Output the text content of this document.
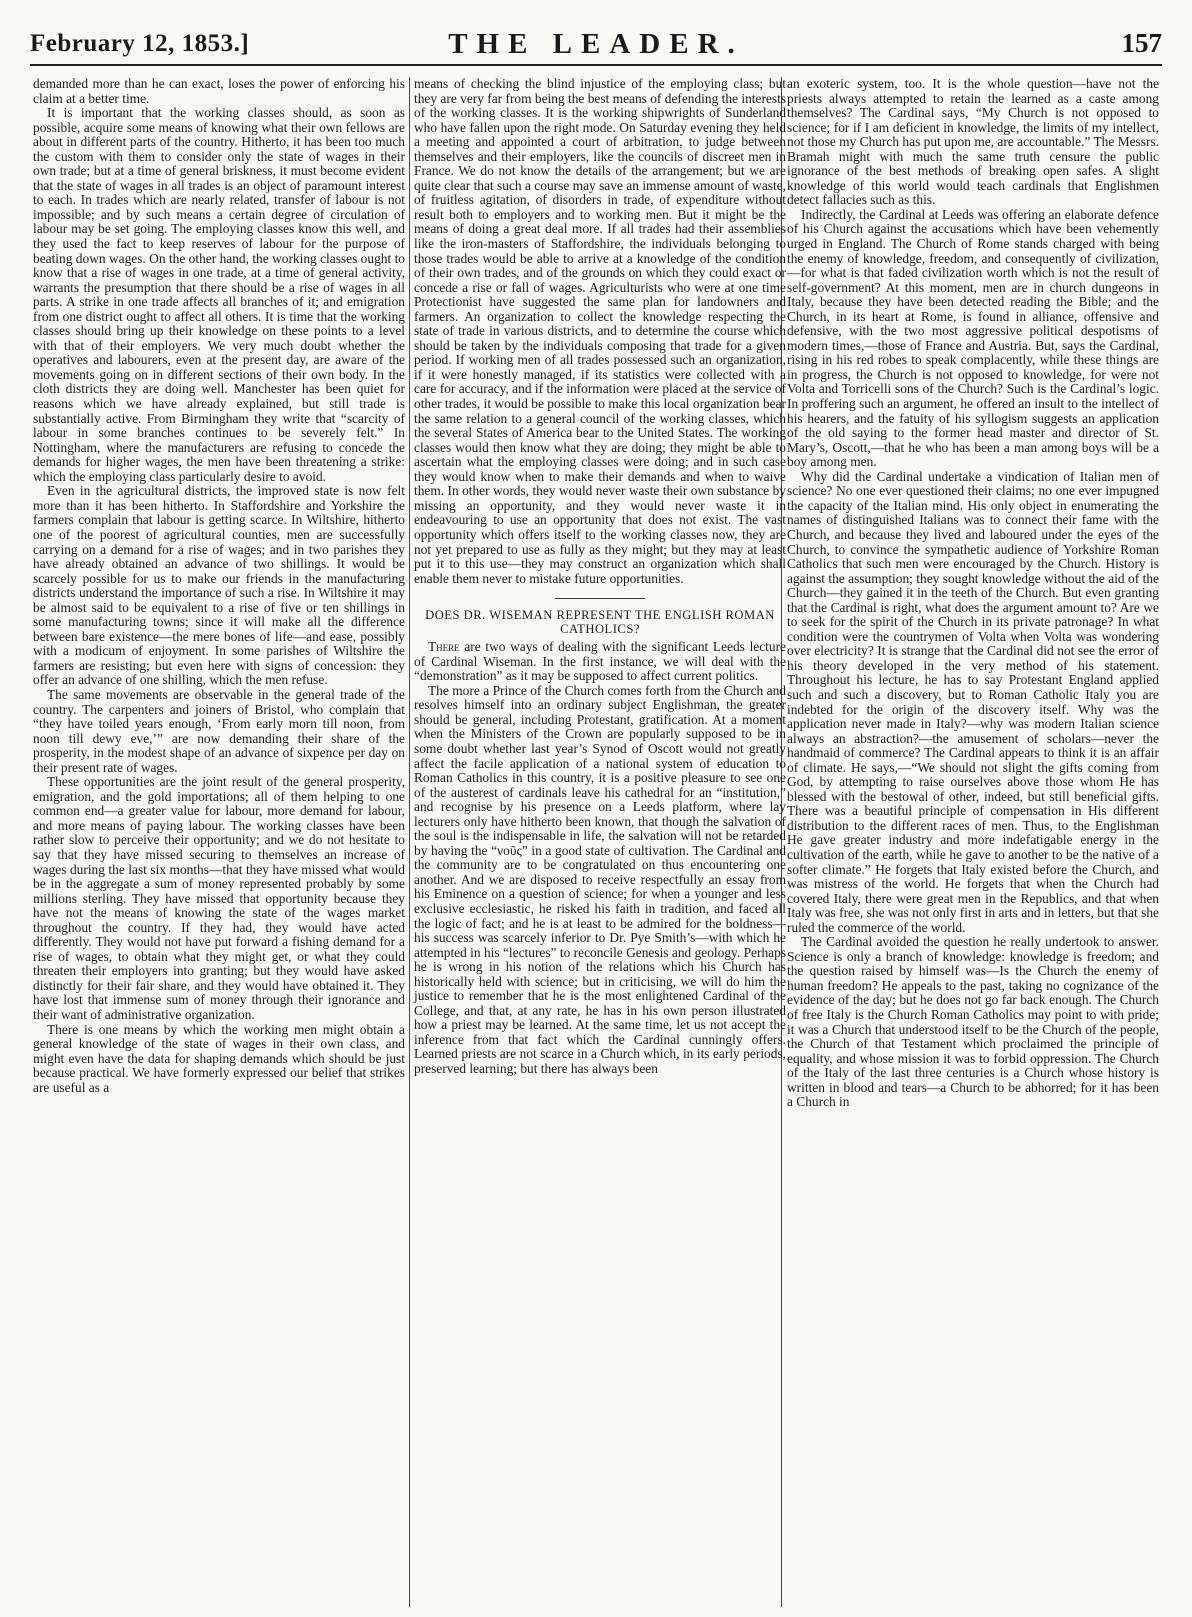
February 12, 1853.]	THE LEADER.	157

demanded more than he can exact, loses the power of enforcing his claim at a better time.

It is important that the working classes should, as soon as possible, acquire some means of knowing what their own fellows are about in different parts of the country. Hitherto, it has been too much the custom with them to consider only the state of wages in their own trade; but at a time of general briskness, it must become evident that the state of wages in all trades is an object of paramount interest to each. In trades which are nearly related, transfer of labour is not impossible; and by such means a certain degree of circulation of labour may be set going. The employing classes know this well, and they used the fact to keep reserves of labour for the purpose of beating down wages. On the other hand, the working classes ought to know that a rise of wages in one trade, at a time of general activity, warrants the presumption that there should be a rise of wages in all parts. A strike in one trade affects all branches of it; and emigration from one district ought to affect all others. It is time that the working classes should bring up their knowledge on these points to a level with that of their employers. We very much doubt whether the operatives and labourers, even at the present day, are aware of the movements going on in different sections of their own body. In the cloth districts they are doing well. Manchester has been quiet for reasons which we have already explained, but still trade is substantially active. From Birmingham they write that “scarcity of labour in some branches continues to be severely felt.” In Nottingham, where the manufacturers are refusing to concede the demands for higher wages, the men have been threatening a strike: which the employing class particularly desire to avoid.

Even in the agricultural districts, the improved state is now felt more than it has been hitherto. In Staffordshire and Yorkshire the farmers complain that labour is getting scarce. In Wiltshire, hitherto one of the poorest of agricultural counties, men are successfully carrying on a demand for a rise of wages; and in two parishes they have already obtained an advance of two shillings. It would be scarcely possible for us to make our friends in the manufacturing districts understand the importance of such a rise. In Wiltshire it may be almost said to be equivalent to a rise of five or ten shillings in some manufacturing towns; since it will make all the difference between bare existence—the mere bones of life—and ease, possibly with a modicum of enjoyment. In some parishes of Wiltshire the farmers are resisting; but even here with signs of concession: they offer an advance of one shilling, which the men refuse.

The same movements are observable in the general trade of the country. The carpenters and joiners of Bristol, who complain that “they have toiled years enough, ‘From early morn till noon, from noon till dewy eve,’” are now demanding their share of the prosperity, in the modest shape of an advance of sixpence per day on their present rate of wages.

These opportunities are the joint result of the general prosperity, emigration, and the gold importations; all of them helping to one common end—a greater value for labour, more demand for labour, and more means of paying labour. The working classes have been rather slow to perceive their opportunity; and we do not hesitate to say that they have missed securing to themselves an increase of wages during the last six months—that they have missed what would be in the aggregate a sum of money represented probably by some millions sterling. They have missed that opportunity because they have not the means of knowing the state of the wages market throughout the country. If they had, they would have acted differently. They would not have put forward a fishing demand for a rise of wages, to obtain what they might get, or what they could threaten their employers into granting; but they would have asked distinctly for their fair share, and they would have obtained it. They have lost that immense sum of money through their ignorance and their want of administrative organization.

There is one means by which the working men might obtain a general knowledge of the state of wages in their own class, and might even have the data for shaping demands which should be just because practical. We have formerly expressed our belief that strikes are useful as a

means of checking the blind injustice of the employing class; but they are very far from being the best means of defending the interests of the working classes. It is the working shipwrights of Sunderland who have fallen upon the right mode. On Saturday evening they held a meeting and appointed a court of arbitration, to judge between themselves and their employers, like the councils of discreet men in France. We do not know the details of the arrangement; but we are quite clear that such a course may save an immense amount of waste, of fruitless agitation, of disorders in trade, of expenditure without result both to employers and to working men. But it might be the means of doing a great deal more. If all trades had their assemblies like the iron-masters of Staffordshire, the individuals belonging to those trades would be able to arrive at a knowledge of the condition of their own trades, and of the grounds on which they could exact or concede a rise or fall of wages. Agriculturists who were at one time Protectionist have suggested the same plan for landowners and farmers. An organization to collect the knowledge respecting the state of trade in various districts, and to determine the course which should be taken by the individuals composing that trade for a given period. If working men of all trades possessed such an organization, if it were honestly managed, if its statistics were collected with a care for accuracy, and if the information were placed at the service of other trades, it would be possible to make this local organization bear the same relation to a general council of the working classes, which the several States of America bear to the United States. The working classes would then know what they are doing; they might be able to ascertain what the employing classes were doing; and in such case they would know when to make their demands and when to waive them. In other words, they would never waste their own substance by missing an opportunity, and they would never waste it in endeavouring to use an opportunity that does not exist. The vast opportunity which offers itself to the working classes now, they are not yet prepared to use as fully as they might; but they may at least put it to this use—they may construct an organization which shall enable them never to mistake future opportunities.

DOES DR. WISEMAN REPRESENT THE ENGLISH ROMAN CATHOLICS?

There are two ways of dealing with the significant Leeds lecture of Cardinal Wiseman. In the first instance, we will deal with the “demonstration” as it may be supposed to affect current politics.

The more a Prince of the Church comes forth from the Church and resolves himself into an ordinary subject Englishman, the greater should be general, including Protestant, gratification. At a moment when the Ministers of the Crown are popularly supposed to be in some doubt whether last year’s Synod of Oscott would not greatly affect the facile application of a national system of education to Roman Catholics in this country, it is a positive pleasure to see one of the austerest of cardinals leave his cathedral for an “institution,” and recognise by his presence on a Leeds platform, where lay lecturers only have hitherto been known, that though the salvation of the soul is the indispensable in life, the salvation will not be retarded by having the “νοῦς” in a good state of cultivation. The Cardinal and the community are to be congratulated on thus encountering one another. And we are disposed to receive respectfully an essay from his Eminence on a question of science; for when a younger and less exclusive ecclesiastic, he risked his faith in tradition, and faced all the logic of fact; and he is at least to be admired for the boldness—his success was scarcely inferior to Dr. Pye Smith’s—with which he attempted in his “lectures” to reconcile Genesis and geology. Perhaps he is wrong in his notion of the relations which his Church has historically held with science; but in criticising, we will do him the justice to remember that he is the most enlightened Cardinal of the College, and that, at any rate, he has in his own person illustrated how a priest may be learned. At the same time, let us not accept the inference from that fact which the Cardinal cunningly offers. Learned priests are not scarce in a Church which, in its early periods, preserved learning; but there has always been

an exoteric system, too. It is the whole question—have not the priests always attempted to retain the learned as a caste among themselves? The Cardinal says, “My Church is not opposed to science; for if I am deficient in knowledge, the limits of my intellect, not those my Church has put upon me, are accountable.” The Messrs. Bramah might with much the same truth censure the public ignorance of the best methods of breaking open safes. A slight knowledge of this world would teach cardinals that Englishmen detect fallacies such as this.

Indirectly, the Cardinal at Leeds was offering an elaborate defence of his Church against the accusations which have been vehemently urged in England. The Church of Rome stands charged with being the enemy of knowledge, freedom, and consequently of civilization,—for what is that faded civilization worth which is not the result of self-government? At this moment, men are in church dungeons in Italy, because they have been detected reading the Bible; and the Church, in its heart at Rome, is found in alliance, offensive and defensive, with the two most aggressive political despotisms of modern times,—those of France and Austria. But, says the Cardinal, rising in his red robes to speak complacently, while these things are in progress, the Church is not opposed to knowledge, for were not Volta and Torricelli sons of the Church? Such is the Cardinal’s logic. In proffering such an argument, he offered an insult to the intellect of his hearers, and the fatuity of his syllogism suggests an application of the old saying to the former head master and director of St. Mary’s, Oscott,—that he who has been a man among boys will be a boy among men.

Why did the Cardinal undertake a vindication of Italian men of science? No one ever questioned their claims; no one ever impugned the capacity of the Italian mind. His only object in enumerating the names of distinguished Italians was to connect their fame with the Church, and because they lived and laboured under the eyes of the Church, to convince the sympathetic audience of Yorkshire Roman Catholics that such men were encouraged by the Church. History is against the assumption; they sought knowledge without the aid of the Church—they gained it in the teeth of the Church. But even granting that the Cardinal is right, what does the argument amount to? Are we to seek for the spirit of the Church in its private patronage? In what condition were the countrymen of Volta when Volta was wondering over electricity? It is strange that the Cardinal did not see the error of his theory developed in the very method of his statement. Throughout his lecture, he has to say Protestant England applied such and such a discovery, but to Roman Catholic Italy you are indebted for the origin of the discovery itself. Why was the application never made in Italy?—why was modern Italian science always an abstraction?—the amusement of scholars—never the handmaid of commerce? The Cardinal appears to think it is an affair of climate. He says,—“We should not slight the gifts coming from God, by attempting to raise ourselves above those whom He has blessed with the bestowal of other, indeed, but still beneficial gifts. There was a beautiful principle of compensation in His different distribution to the different races of men. Thus, to the Englishman He gave greater industry and more indefatigable energy in the cultivation of the earth, while he gave to another to be the native of a softer climate.” He forgets that Italy existed before the Church, and was mistress of the world. He forgets that when the Church had covered Italy, there were great men in the Republics, and that when Italy was free, she was not only first in arts and in letters, but that she ruled the commerce of the world.

The Cardinal avoided the question he really undertook to answer. Science is only a branch of knowledge: knowledge is freedom; and the question raised by himself was—Is the Church the enemy of human freedom? He appeals to the past, taking no cognizance of the evidence of the day; but he does not go far back enough. The Church of free Italy is the Church Roman Catholics may point to with pride; it was a Church that understood itself to be the Church of the people, the Church of that Testament which proclaimed the principle of equality, and whose mission it was to forbid oppression. The Church of the Italy of the last three centuries is a Church whose history is written in blood and tears—a Church to be abhorred; for it has been a Church in
